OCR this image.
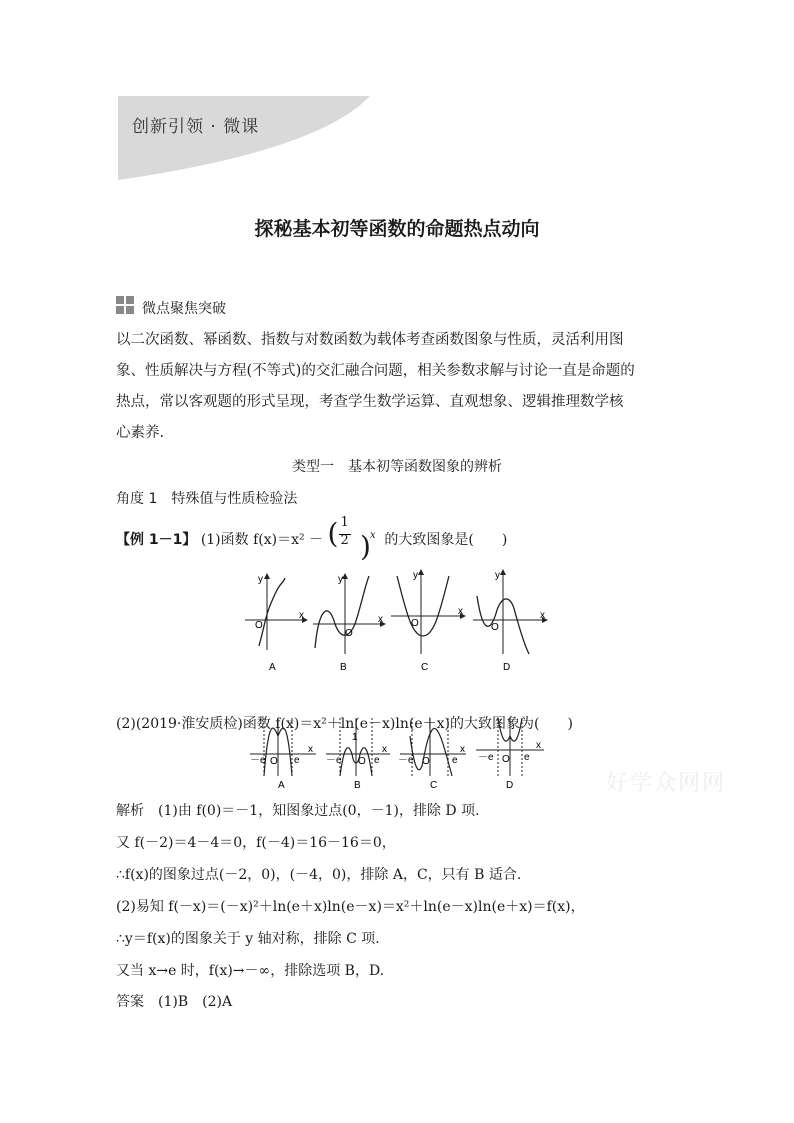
创新引领 · 微课
探秘基本初等函数的命题热点动向
微点聚焦突破

以二次函数、幂函数、指数与对数函数为载体考查函数图象与性质，灵活利用图

象、性质解决与方程(不等式)的交汇融合问题，相关参数求解与讨论一直是命题的

热点，常以客观题的形式呈现，考查学生数学运算、直观想象、逻辑推理数学核

心素养.

类型一　基本初等函数图象的辨析
角度 1　特殊值与性质检验法
【例 1－1】 (1)函数 f(x)＝x² － ( 1
2
) x 的大致图象是(　　)
y
O
x
A
y
O
x
B
y
O
x
C
y
O
x
D
(2)(2019·淮安质检)函数 f(x)＝x²＋ln(e－x)ln(e＋x)的大致图象为(　　)
－e O e
x
A
1
－e O e
x
B
－e O e
x
C
－e O e
x
D	好学众网网
解析　(1)由 f(0)＝－1，知图象过点(0，－1)，排除 D 项.
又 f(－2)＝4－4＝0，f(－4)＝16－16＝0，
∴f(x)的图象过点(－2，0)，(－4，0)，排除 A，C，只有 B 适合.
(2)易知 f(－x)＝(－x)²＋ln(e＋x)ln(e－x)＝x²＋ln(e－x)ln(e＋x)＝f(x)，
∴y＝f(x)的图象关于 y 轴对称，排除 C 项.
又当 x→e 时，f(x)→－∞，排除选项 B，D.
答案　(1)B　(2)A
